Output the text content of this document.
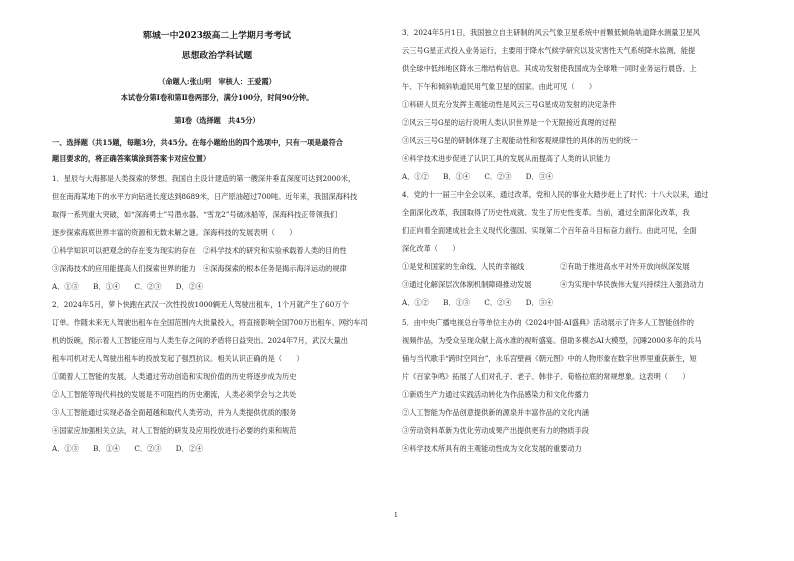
郓城一中2023级高二上学期月考考试
思想政治学科试题
（命题人:张山明　审核人：王爱霞）
本试卷分第Ⅰ卷和第Ⅱ卷两部分，满分100分，时间90分钟。
第Ⅰ卷（选择题　共45分）
一、选择题（共15题，每题3分，共45分。在每小题给出的四个选项中，只有一项是最符合
题目要求的，将正确答案填涂到答案卡对应位置）
1．星辰与大海都是人类探索的梦想。我国自主设计建造的第一艘深井垂直深度可达到2000米，
但在南海某地下的水平方向钻进长度达到8689米，日产原油超过700吨。近年来，我国深海科技
取得一系列重大突破，如“深海勇士”号潜水器、“雪龙2”号破冰船等，深海科技正带领我们
逐步探索海底世界丰富的资源和无数未解之谜。深海科技的发展表明（　　）
①科学知识可以把观念的存在变为现实的存在　②科学技术的研究和实验承载着人类的目的性
③深海技术的应用能提高人们探索世界的能力　④深海探索的根本任务是揭示海洋运动的规律
A．①③　　B．①④　　C．②③　　D．②④
2．2024年5月，萝卜快跑在武汉一次性投放1000辆无人驾驶出租车，1个月就产生了60万个
订单。作随未来无人驾驶出租车在全国范围内大批量投入，将直接影响全国700万出租车、网约车司
机的饭碗，预示着人工智能应用与人类生存之间的矛盾将日益突出。2024年7月，武汉大量出
租车司机对无人驾驶出租车的投放发起了强烈抗议。相关认识正确的是（　　）
①随着人工智能的发展，人类通过劳动创造和实现价值的历史将逐步成为历史
②人工智能等现代科技的发展是不可阻挡的历史潮流，人类必须学会与之共处
③人工智能通过实现必备全面超越和取代人类劳动，并为人类提供优质的服务
④国家应加强相关立法，对人工智能的研发及应用投放进行必要的约束和规范
A．①③　　B．①④　　C．②③　　D．②④
3．2024年5月1日，我国独立自主研制的风云气象卫星系统中首颗低倾角轨道降水测量卫星风
云三号G星正式投入业务运行，主要用于降水气候学研究以及灾害性天气系统降水监测，能提
供全球中低纬地区降水三维结构信息。其成功发射使我国成为全球唯一同时业务运行晨昏、上
午、下午和倾斜轨道民用气象卫星的国家。由此可见（　　）
①科研人员充分发挥主观能动性是风云三号G星成功发射的决定条件
②风云三号G星的运行说明人类认识世界是一个无限接近真理的过程
③风云三号G星的研制体现了主观能动性和客观规律性的具体的历史的统一
④科学技术进步促进了认识工具的发展从而提高了人类的认识能力
A．①②　　B．①④　　C．②③　　D．③④
4．党的十一届三中全会以来，通过改革，党和人民的事业大踏步赶上了时代：十八大以来，通过
全面深化改革，我国取得了历史性成就、发生了历史性变革。当前，通过全面深化改革，我
们正向着全面建成社会主义现代化强国、实现第二个百年奋斗目标奋力前行。由此可见，全面
深化改革（　　）
①是党和国家的生命线、人民的幸福线　　　　　②有助于推进高水平对外开放向纵深发展
③通过化解深层次体制机制障碍推动发展　　　　④为实现中华民族伟大复兴持续注入强劲动力
A．①②　　B．①③　　C．②④　　D．③④
5．由中央广播电视总台等单位主办的《2024中国·AI盛典》活动展示了许多人工智能创作的
视频作品，为受众呈现众献上高水准的视听盛宴。借助多模态AI大模型，沉睡2000多年的兵马
俑与当代歌手“跨时空同台”，永乐宫壁画《朝元图》中的人物形象在数字世界里重获新生，短
片《百家争鸣》拓展了人们对孔子、老子、韩非子、荀格拉底的常规想象。这表明（　　）
①新质生产力通过实践活动转化为作品感染力和文化传播力
②人工智能为作品创意提供新的源泉并丰富作品的文化内涵
③劳动资料革新为优化劳动成果产出提供更有力的物质手段
④科学技术所具有的主观能动性成为文化发展的重要动力
1
